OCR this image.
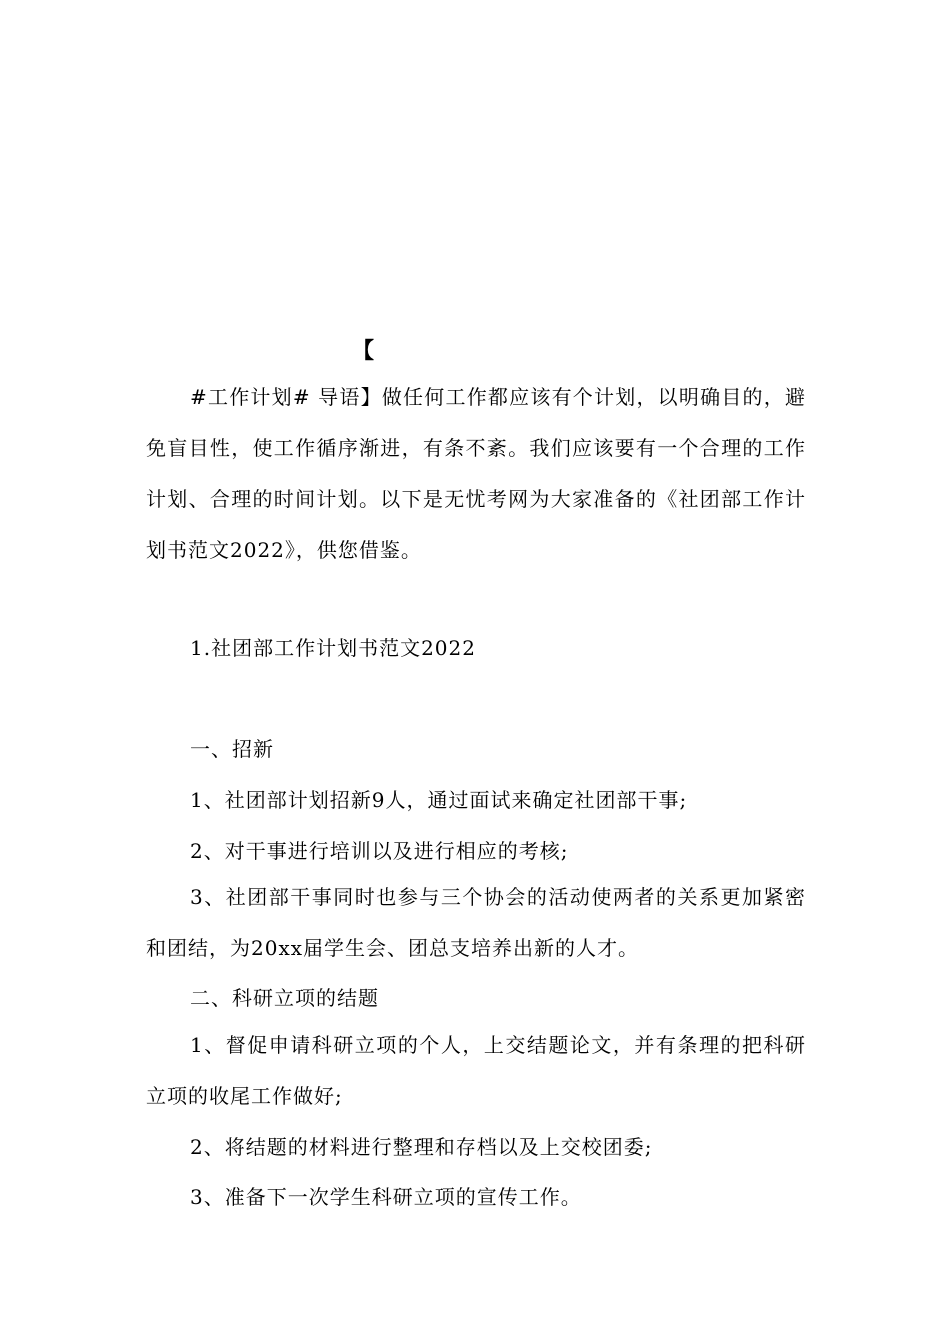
【
#工作计划# 导语】做任何工作都应该有个计划，以明确目的，避免盲目性，使工作循序渐进，有条不紊。我们应该要有一个合理的工作计划、合理的时间计划。以下是无忧考网为大家准备的《社团部工作计划书范文2022》，供您借鉴。
1.社团部工作计划书范文2022
一、招新
1、社团部计划招新9人，通过面试来确定社团部干事;
2、对干事进行培训以及进行相应的考核;
3、社团部干事同时也参与三个协会的活动使两者的关系更加紧密和团结，为20xx届学生会、团总支培养出新的人才。
二、科研立项的结题
1、督促申请科研立项的个人，上交结题论文，并有条理的把科研立项的收尾工作做好;
2、将结题的材料进行整理和存档以及上交校团委;
3、准备下一次学生科研立项的宣传工作。
